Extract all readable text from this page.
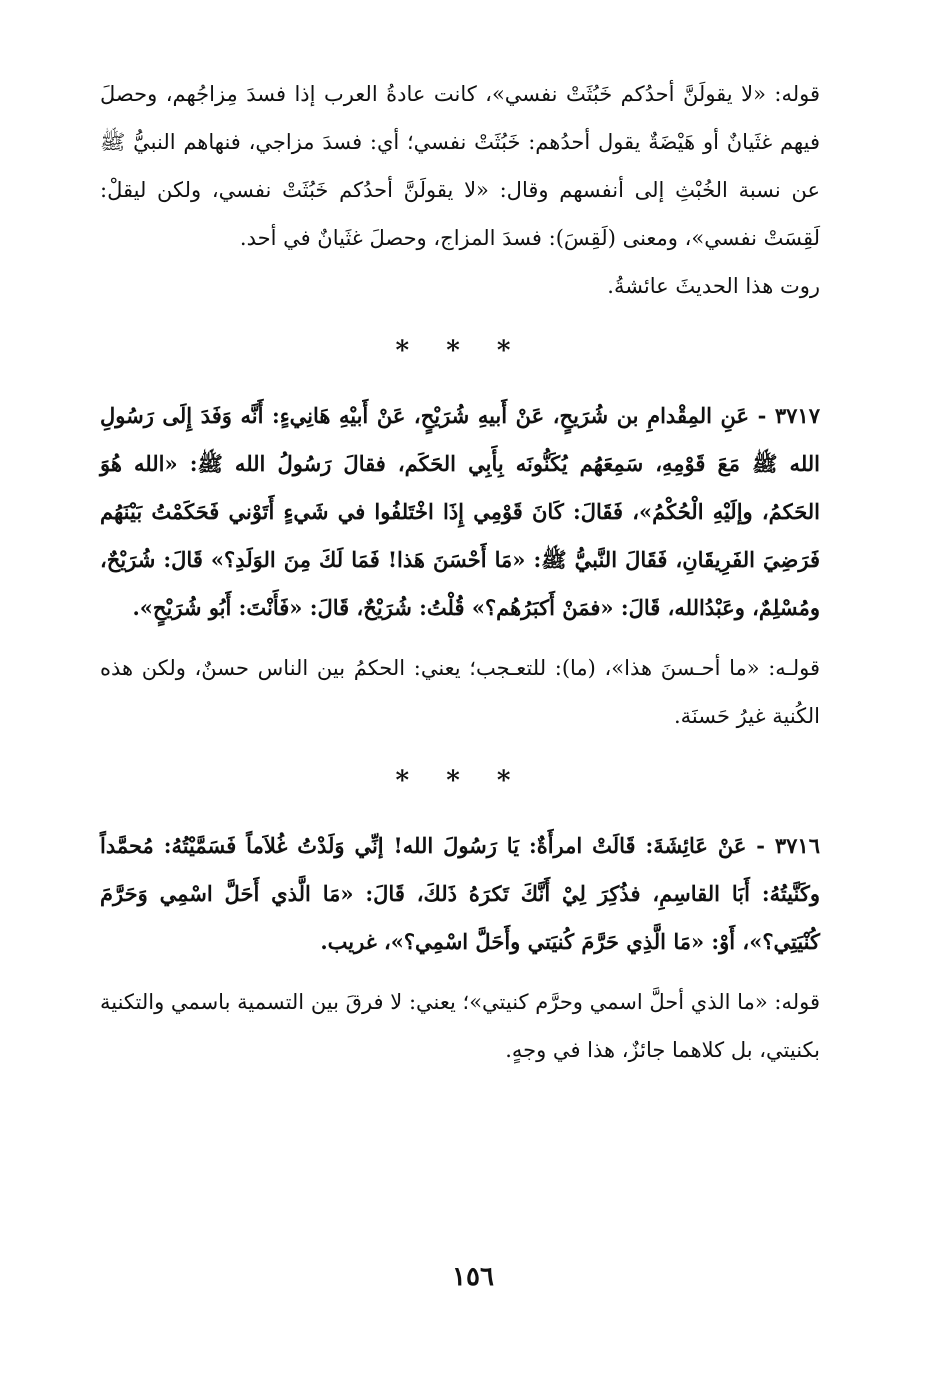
قوله: «لا يقولَنَّ أحدُكم خَبُثَتْ نفسي»، كانت عادةُ العرب إذا فسدَ مِزاجُهم، وحصلَ فيهم غثَيانٌ أو هَيْضَةٌ يقول أحدُهم: خَبُثَتْ نفسي؛ أي: فسدَ مزاجي، فنهاهم النبيُّ ﷺ عن نسبة الخُبْثِ إلى أنفسهم وقال: «لا يقولَنَّ أحدُكم خَبُثَتْ نفسي، ولكن ليقلْ: لَقِسَتْ نفسي»، ومعنى (لَقِسَ): فسدَ المزاج، وحصلَ غثَيانٌ في أحد.

روت هذا الحديثَ عائشةُ.

* * *

٣٧١٧ - عَنِ المِقْدامِ بن شُرَيحٍ، عَنْ أَبيهِ شُرَيْحٍ، عَنْ أَبيْهِ هَانِيءٍ: أَنَّه وَفَدَ إِلَى رَسُولِ الله ﷺ مَعَ قَوْمِهِ، سَمِعَهُم يُكَنُّونَه بِأَبِي الحَكَم، فقالَ رَسُولُ الله ﷺ: «الله هُوَ الحَكمُ، وإلَيْهِ الْحُكْمُ»، فَقَالَ: كَانَ قَوْمِي إِذَا اخْتَلفُوا في شَيءٍ أَتَوْني فَحَكَمْتُ بَيْنَهُم فَرَضِيَ الفَرِيقَانِ، فَقَالَ النَّبيُّ ﷺ: «مَا أَحْسَنَ هَذا! فَمَا لَكَ مِنَ الوَلَدِ؟» قَالَ: شُرَيْحٌ، ومُسْلِمٌ، وعَبْدُالله، قَالَ: «فمَنْ أَكبَرُهُم؟» قُلْتُ: شُرَيْحٌ، قَالَ: «فَأَنْتَ: أَبُو شُرَيْحٍ».

قولـه: «ما أحـسنَ هذا»، (ما): للتعـجب؛ يعني: الحكمُ بين الناس حسنٌ، ولكن هذه الكُنية غيرُ حَسنَة.

* * *

٣٧١٦ - عَنْ عَائِشَةَ: قَالَتْ امرأَةٌ: يَا رَسُولَ الله! إنِّي وَلَدْتُ غُلاَماً فَسَمَّيْتُهُ: مُحمَّداً وكَنَّيتُهُ: أَبَا القاسِمِ، فذُكِرَ لِيْ أَنَّكَ تَكرَهُ ذَلكَ، قَالَ: «مَا الَّذي أَحَلَّ اسْمِي وَحَرَّمَ كُنْيَتِي؟»، أَوْ: «مَا الَّذِي حَرَّمَ كُنيَتي وأَحَلَّ اسْمِي؟»، غريب.

قوله: «ما الذي أحلَّ اسمي وحرَّم كنيتي»؛ يعني: لا فرقَ بين التسمية باسمي والتكنية بكنيتي، بل كلاهما جائزٌ، هذا في وجهٍ.

١٥٦
